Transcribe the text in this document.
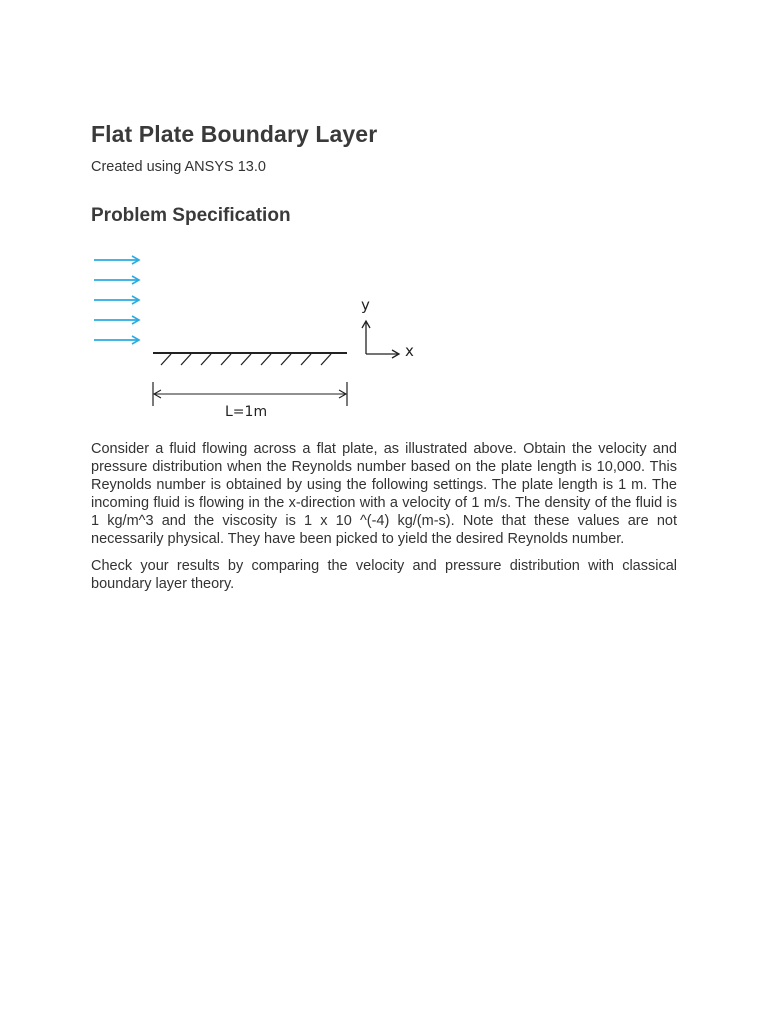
Flat Plate Boundary Layer

Created using ANSYS 13.0

Problem Specification
y
x
L=1m

Consider a fluid flowing across a flat plate, as illustrated above. Obtain the velocity and pressure distribution when the Reynolds number based on the plate length is 10,000. This Reynolds number is obtained by using the following settings. The plate length is 1 m. The incoming fluid is flowing in the x-direction with a velocity of 1 m/s. The density of the fluid is 1 kg/m^3 and the viscosity is 1 x 10 ^(-4) kg/(m-s). Note that these values are not necessarily physical. They have been picked to yield the desired Reynolds number.

Check your results by comparing the velocity and pressure distribution with classical boundary layer theory.
